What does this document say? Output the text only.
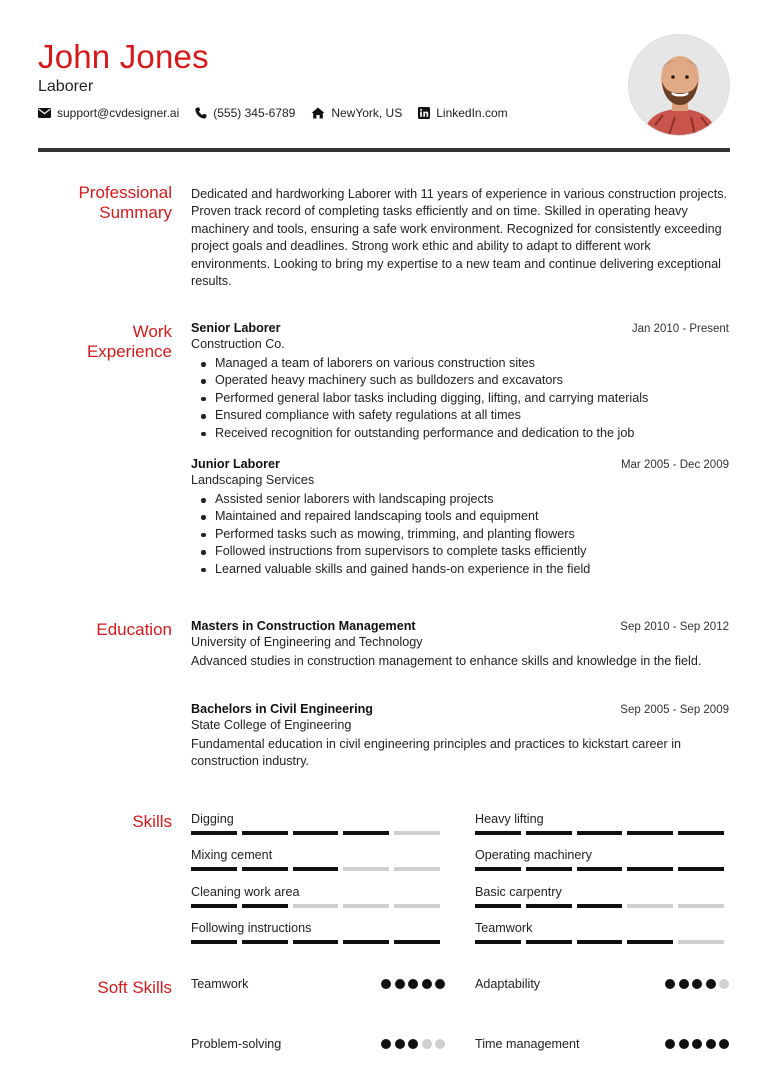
John Jones
Laborer
support@cvdesigner.ai	(555) 345-6789	NewYork, US	LinkedIn.com
Professional
Summary

Dedicated and hardworking Laborer with 11 years of experience in various construction projects. Proven track record of completing tasks efficiently and on time. Skilled in operating heavy machinery and tools, ensuring a safe work environment. Recognized for consistently exceeding project goals and deadlines. Strong work ethic and ability to adapt to different work environments. Looking to bring my expertise to a new team and continue delivering exceptional results.

Work
Experience
Senior Laborer	Jan 2010 - Present
Construction Co.
Managed a team of laborers on various construction sites
Operated heavy machinery such as bulldozers and excavators
Performed general labor tasks including digging, lifting, and carrying materials
Ensured compliance with safety regulations at all times
Received recognition for outstanding performance and dedication to the job
Junior Laborer	Mar 2005 - Dec 2009
Landscaping Services
Assisted senior laborers with landscaping projects
Maintained and repaired landscaping tools and equipment
Performed tasks such as mowing, trimming, and planting flowers
Followed instructions from supervisors to complete tasks efficiently
Learned valuable skills and gained hands-on experience in the field
Education Masters in Construction Management	Sep 2010 - Sep 2012
University of Engineering and Technology

Advanced studies in construction management to enhance skills and knowledge in the field.

Bachelors in Civil Engineering	Sep 2005 - Sep 2009
State College of Engineering

Fundamental education in civil engineering principles and practices to kickstart career in construction industry.

Skills Digging	Heavy lifting
Mixing cement	Operating machinery
Cleaning work area	Basic carpentry
Following instructions	Teamwork
Soft Skills Teamwork	Adaptability
Problem-solving	Time management
